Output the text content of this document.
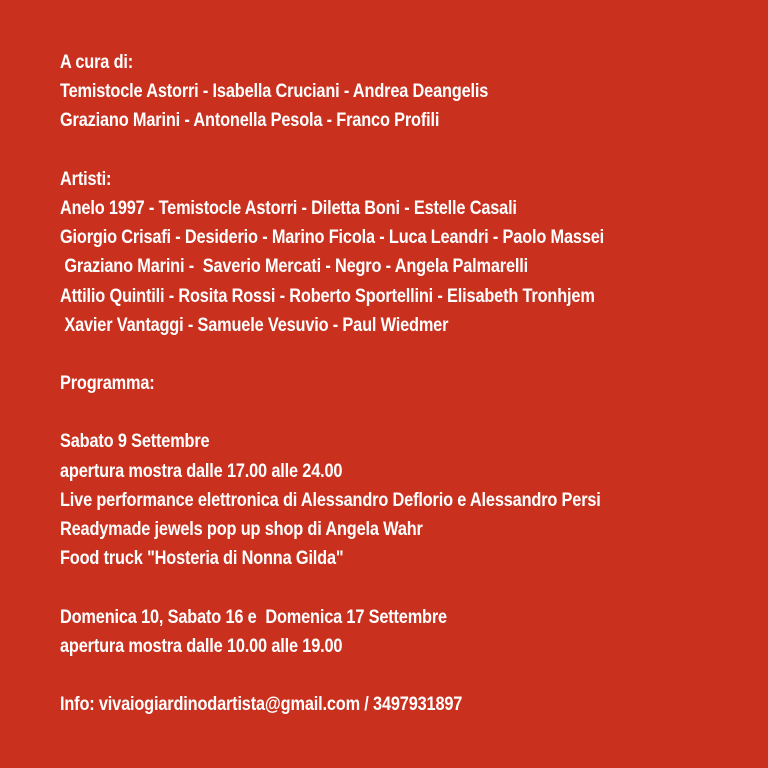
A cura di:
Temistocle Astorri - Isabella Cruciani - Andrea Deangelis
Graziano Marini - Antonella Pesola - Franco Profili
Artisti:
Anelo 1997 - Temistocle Astorri - Diletta Boni - Estelle Casali
Giorgio Crisafi - Desiderio - Marino Ficola - Luca Leandri - Paolo Massei
Graziano Marini -  Saverio Mercati - Negro - Angela Palmarelli
Attilio Quintili - Rosita Rossi - Roberto Sportellini - Elisabeth Tronhjem
Xavier Vantaggi - Samuele Vesuvio - Paul Wiedmer
Programma:
Sabato 9 Settembre
apertura mostra dalle 17.00 alle 24.00
Live performance elettronica di Alessandro Deflorio e Alessandro Persi
Readymade jewels pop up shop di Angela Wahr
Food truck "Hosteria di Nonna Gilda"
Domenica 10, Sabato 16 e  Domenica 17 Settembre
apertura mostra dalle 10.00 alle 19.00
Info: vivaiogiardinodartista@gmail.com / 3497931897
